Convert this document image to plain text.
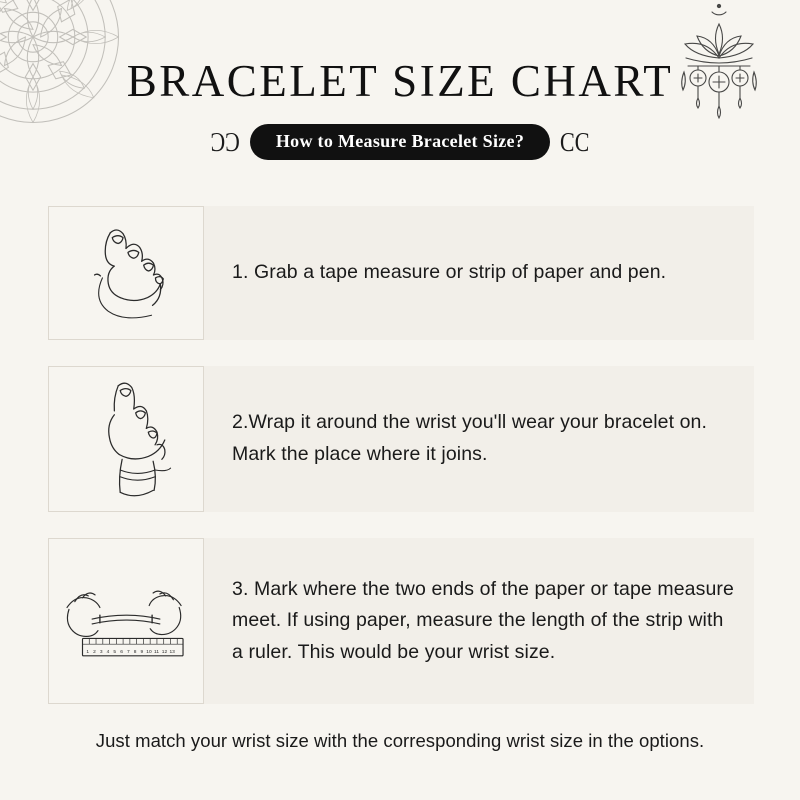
BRACELET SIZE CHART
ƆƆ	How to Measure Bracelet Size?	ƆƆ
1. Grab a tape measure or strip of paper and pen.
2.Wrap it around the wrist you'll wear your bracelet on. Mark the place where it joins.
1 2 3 4 5 6 7 8 9 10 11 12 13
3. Mark where the two ends of the paper or tape measure meet. If using paper, measure the length of the strip with a ruler. This would be your wrist size.
Just match your wrist size with the corresponding wrist size in the options.
